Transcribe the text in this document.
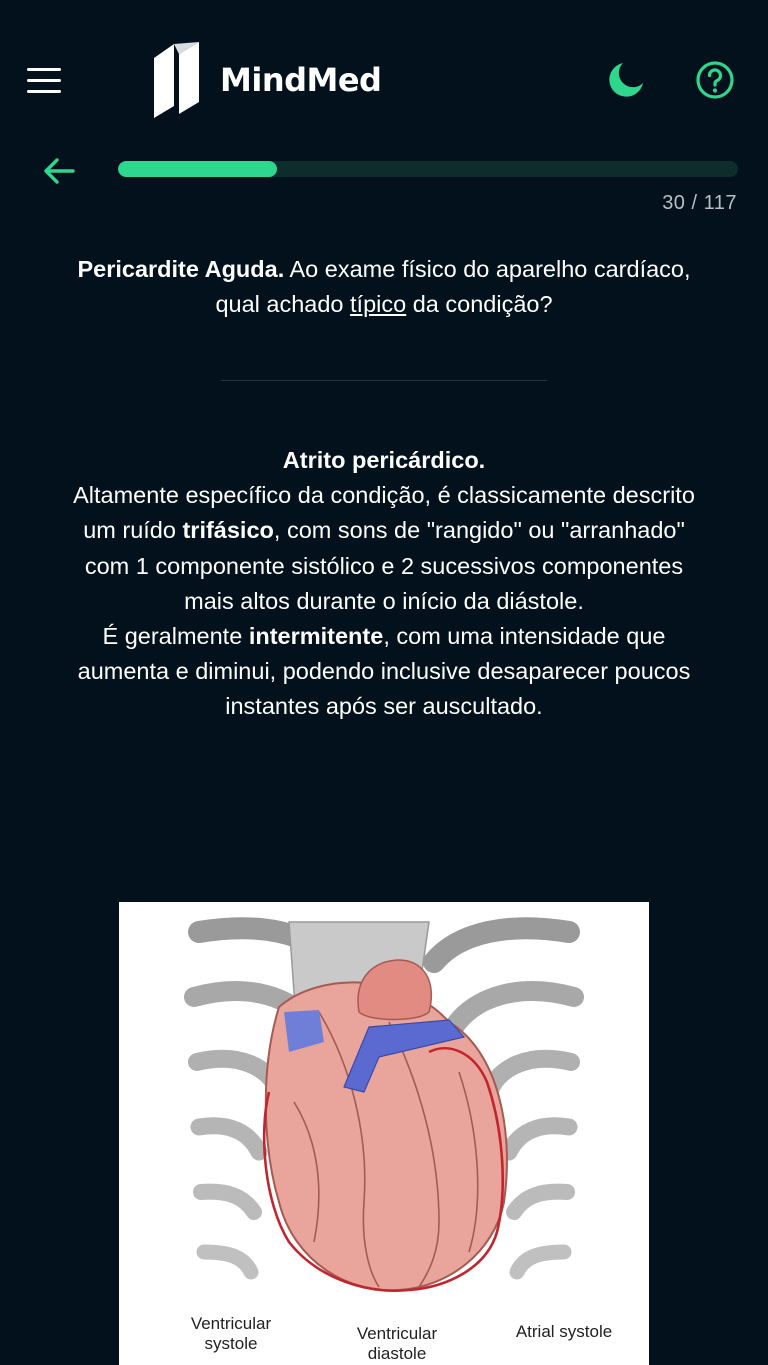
MindMed
30 / 117
Pericardite Aguda. Ao exame físico do aparelho cardíaco, qual achado típico da condição?
Atrito pericárdico.
Altamente específico da condição, é classicamente descrito um ruído trifásico, com sons de "rangido" ou "arranhado" com 1 componente sistólico e 2 sucessivos componentes mais altos durante o início da diástole.
É geralmente intermitente, com uma intensidade que aumenta e diminui, podendo inclusive desaparecer poucos instantes após ser auscultado.
Ventricular systole
Ventricular diastole
Atrial systole
